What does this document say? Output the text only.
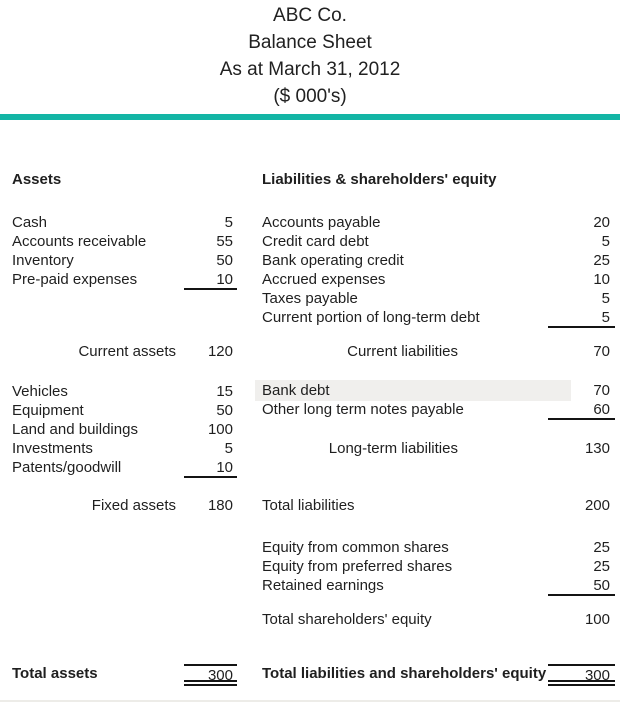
ABC Co.
Balance Sheet
As at March 31, 2012
($ 000's)
Assets
Cash	5
Accounts receivable	55
Inventory	50
Pre-paid expenses	10
Current assets	120
Vehicles	15
Equipment	50
Land and buildings	100
Investments	5
Patents/goodwill	10
Fixed assets	180
Total assets	300
Liabilities & shareholders' equity
Accounts payable	20
Credit card debt	5
Bank operating credit	25
Accrued expenses	10
Taxes payable	5
Current portion of long-term debt	5
Current liabilities	70
Bank debt	70
Other long term notes payable	60
Long-term liabilities	130
Total liabilities	200
Equity from common shares	25
Equity from preferred shares	25
Retained earnings	50
Total shareholders' equity	100
Total liabilities and shareholders' equity	300
